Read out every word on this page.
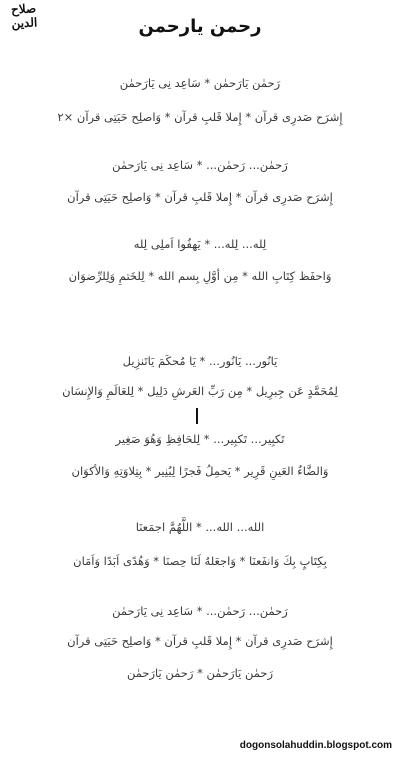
صلاح الدين	رحمن يارحمن
رَحمٰن يَارَحمٰن * سَاعِد نِى يَارَحمٰن
إِشرَح صَدرِى قرآن * إِملا قَلبِ قرآن * وَاصلِح حَيَتِى قرآن ×٢
رَحمٰن... رَحمٰن... * سَاعِد نِى يَارَحمٰن
إِشرَح صَدرِى قرآن * إِملا قَلبِ قرآن * وَاصلِح حَيَتِى قرآن
لِله... لِله... * يَهفُوا اَملِى لِله
وَاحفَظ كِتَابِ الله * مِن أوَّلِ بِسم الله * لِلخَتمِ وَلِلرِّضوَان
يَانُور... يَانُور... * يَا مُحكَمَ يَاتَنزِيل
لِمُحَمَّدٍ عَن جِبرِيل * مِن رَبِّ العَرشِ دَلِيل * لِلعَالَمِ وَالإِنسَان
تَكبِير... تَكبِير... * لِلحَافِظِ وَهُوَ صَغِير
وَالضَّاءُ العَينِ قَرِير * يَحمِلُ فَجرًا لِيُنِير * بِتِلاوَتِهِ وَالأكوَان
الله... الله... * اللَّهُمَّ اجمَعنَا
بِكِتَابٍ بِكَ وَانفَعنَا * وَاجعَلهُ لَنَا حِصنَا * وَهُدًى اَبَدًا وَاَمَان
رَحمٰن... رَحمٰن... * سَاعِد نِى يَارَحمٰن
إِشرَح صَدرِى قرآن * إِملا قَلبِ قرآن * وَاصلِح حَيَتِى قرآن
رَحمٰن يَارَحمٰن * رَحمٰن يَارَحمٰن
dogonsolahuddin.blogspot.com
